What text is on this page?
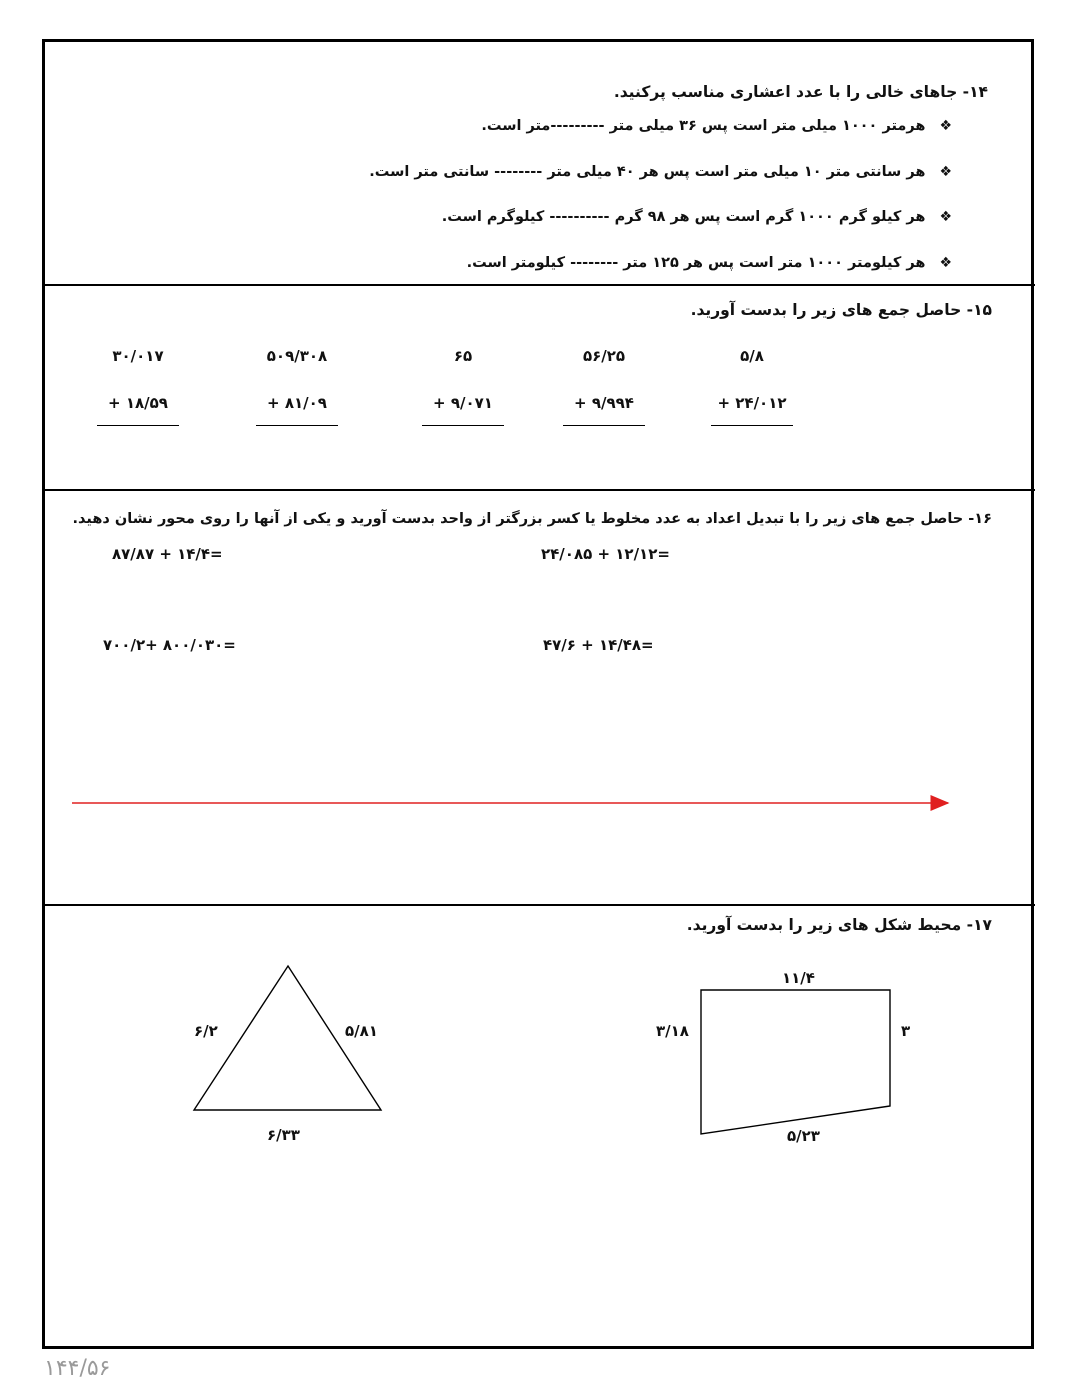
۱۴- جاهای خالی را با عدد اعشاری مناسب پرکنید.
❖هرمتر ۱۰۰۰ میلی متر است پس ۳۶ میلی متر ---------متر است.
❖هر سانتی متر ۱۰ میلی متر است پس هر ۴۰ میلی متر -------- سانتی متر است.
❖هر کیلو گرم ۱۰۰۰ گرم است پس هر ۹۸ گرم ---------- کیلوگرم است.
❖هر کیلومتر ۱۰۰۰ متر است پس هر ۱۲۵ متر -------- کیلومتر است.
۱۵- حاصل جمع های زیر را بدست آورید.
۵/۸
+ ۲۴/۰۱۲
۵۶/۲۵
+ ۹/۹۹۴
۶۵
+ ۹/۰۷۱
۵۰۹/۳۰۸
+ ۸۱/۰۹
۳۰/۰۱۷
+ ۱۸/۵۹
۱۶- حاصل جمع های زیر را با تبدیل اعداد به عدد مخلوط یا کسر بزرگتر از واحد بدست آورید و یکی از آنها را روی محور نشان دهید.
۲۴/۰۸۵ + ۱۲/۱۲=
۸۷/۸۷ + ۱۴/۴=
۴۷/۶ + ۱۴/۴۸=
۷۰۰/۲+ ۸۰۰/۰۳۰=
۱۷- محیط شکل های زیر را بدست آورید.
۱۱/۴
۳/۱۸	۳
۵/۲۳
۶/۲	۵/۸۱
۶/۳۳
۱۴۴/۵۶
